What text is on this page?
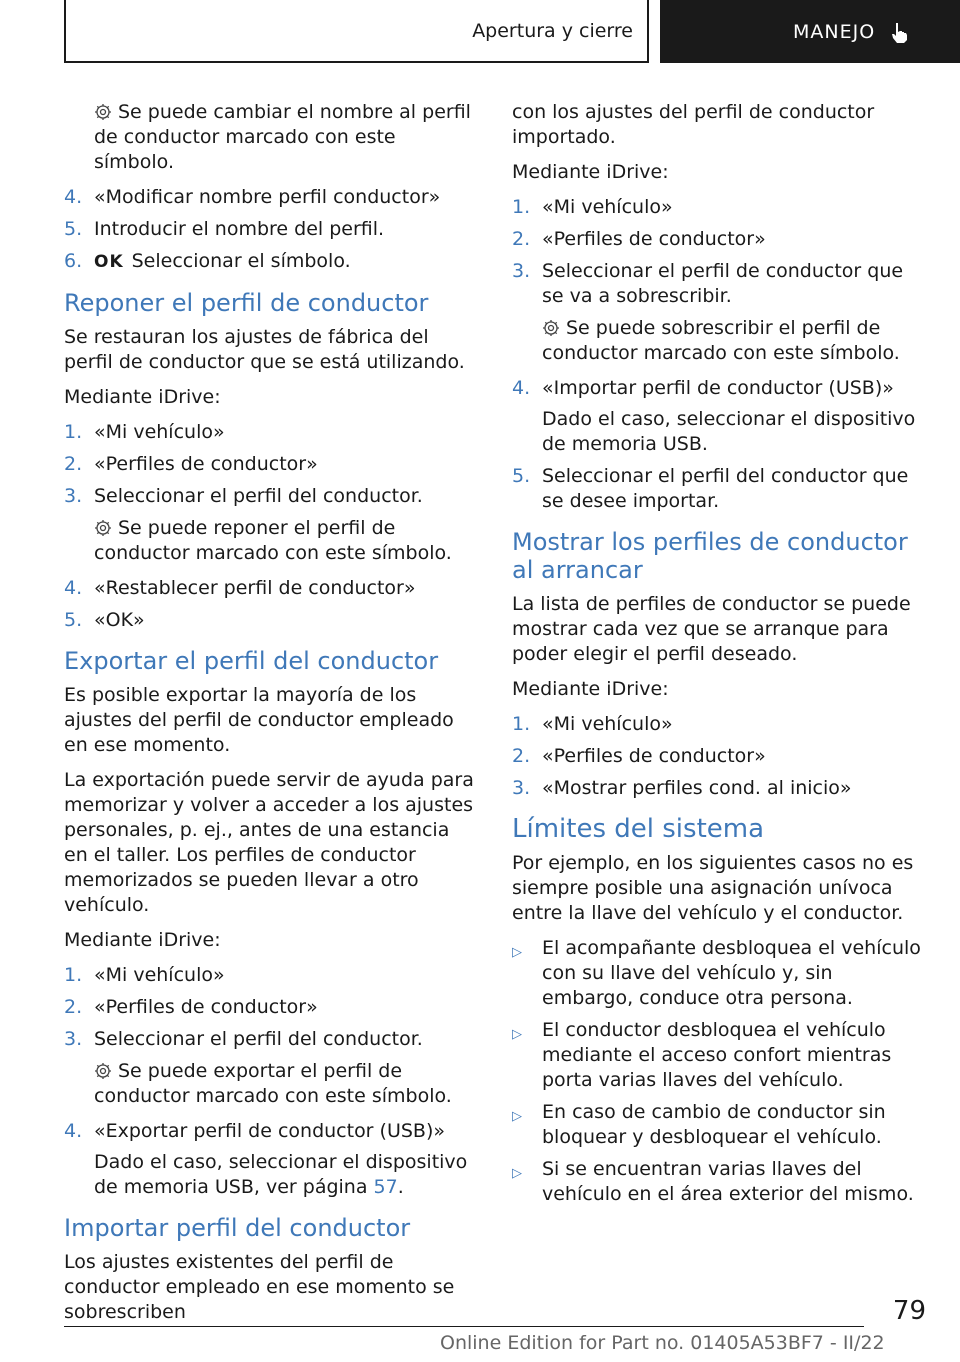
Apertura y cierre	MANEJO
Se puede cambiar el nombre al perfil de conductor marcado con este símbolo.
4. «Modificar nombre perfil conductor»
5. Introducir el nombre del perfil.
6. OK Seleccionar el símbolo.
Reponer el perfil de conductor

Se restauran los ajustes de fábrica del perfil de conductor que se está utilizando.

Mediante iDrive:

1. «Mi vehículo»
2. «Perfiles de conductor»
3. Seleccionar el perfil del conductor.
Se puede reponer el perfil de conductor marcado con este símbolo.
4. «Restablecer perfil de conductor»
5. «OK»
Exportar el perfil del conductor

Es posible exportar la mayoría de los ajustes del perfil de conductor empleado en ese momento.

La exportación puede servir de ayuda para memorizar y volver a acceder a los ajustes personales, p. ej., antes de una estancia en el taller. Los perfiles de conductor memorizados se pueden llevar a otro vehículo.

Mediante iDrive:

1. «Mi vehículo»
2. «Perfiles de conductor»
3. Seleccionar el perfil del conductor.
Se puede exportar el perfil de conductor marcado con este símbolo.
4. «Exportar perfil de conductor (USB)»
Dado el caso, seleccionar el dispositivo de memoria USB, ver página 57.
Importar perfil del conductor

Los ajustes existentes del perfil de conductor empleado en ese momento se sobrescriben

con los ajustes del perfil de conductor importado.

Mediante iDrive:

1. «Mi vehículo»
2. «Perfiles de conductor»
3. Seleccionar el perfil de conductor que se va a sobrescribir.
Se puede sobrescribir el perfil de conductor marcado con este símbolo.
4. «Importar perfil de conductor (USB)»
Dado el caso, seleccionar el dispositivo de memoria USB.
5. Seleccionar el perfil del conductor que se desee importar.
Mostrar los perfiles de conductor al arrancar

La lista de perfiles de conductor se puede mostrar cada vez que se arranque para poder elegir el perfil deseado.

Mediante iDrive:

1. «Mi vehículo»
2. «Perfiles de conductor»
3. «Mostrar perfiles cond. al inicio»
Límites del sistema

Por ejemplo, en los siguientes casos no es siempre posible una asignación unívoca entre la llave del vehículo y el conductor.

▷ El acompañante desbloquea el vehículo con su llave del vehículo y, sin embargo, conduce otra persona.
▷ El conductor desbloquea el vehículo mediante el acceso confort mientras porta varias llaves del vehículo.
▷ En caso de cambio de conductor sin bloquear y desbloquear el vehículo.
▷ Si se encuentran varias llaves del vehículo en el área exterior del mismo.
79
Online Edition for Part no. 01405A53BF7 - II/22
